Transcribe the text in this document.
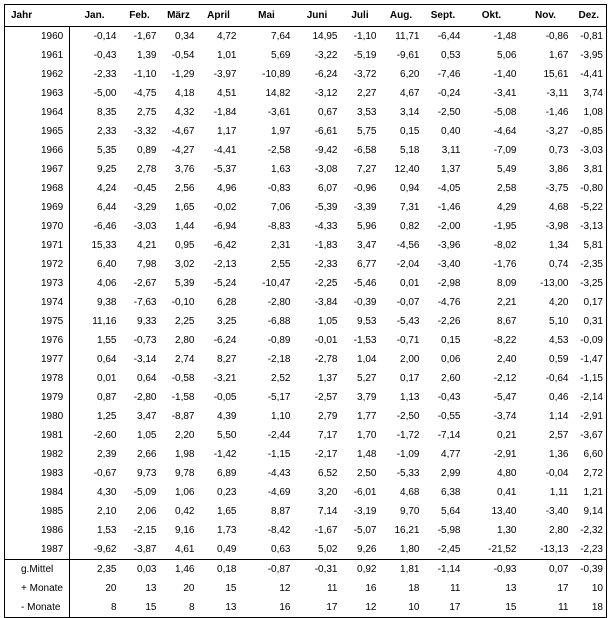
Jahr	Jan.	Feb.	März	April	Mai	Juni	Juli	Aug.	Sept.	Okt.	Nov.	Dez.
1960	-0,14	-1,67	0,34	4,72	7,64	14,95	-1,10	11,71	-6,44	-1,48	-0,86	-0,81
1961	-0,43	1,39	-0,54	1,01	5,69	-3,22	-5,19	-9,61	0,53	5,06	1,67	-3,95
1962	-2,33	-1,10	-1,29	-3,97	-10,89	-6,24	-3,72	6,20	-7,46	-1,40	15,61	-4,41
1963	-5,00	-4,75	4,18	4,51	14,82	-3,12	2,27	4,67	-0,24	-3,41	-3,11	3,74
1964	8,35	2,75	4,32	-1,84	-3,61	0,67	3,53	3,14	-2,50	-5,08	-1,46	1,08
1965	2,33	-3,32	-4,67	1,17	1,97	-6,61	5,75	0,15	0,40	-4,64	-3,27	-0,85
1966	5,35	0,89	-4,27	-4,41	-2,58	-9,42	-6,58	5,18	3,11	-7,09	0,73	-3,03
1967	9,25	2,78	3,76	-5,37	1,63	-3,08	7,27	12,40	1,37	5,49	3,86	3,81
1968	4,24	-0,45	2,56	4,96	-0,83	6,07	-0,96	0,94	-4,05	2,58	-3,75	-0,80
1969	6,44	-3,29	1,65	-0,02	7,06	-5,39	-3,39	7,31	-1,46	4,29	4,68	-5,22
1970	-6,46	-3,03	1,44	-6,94	-8,83	-4,33	5,96	0,82	-2,00	-1,95	-3,98	-3,13
1971	15,33	4,21	0,95	-6,42	2,31	-1,83	3,47	-4,56	-3,96	-8,02	1,34	5,81
1972	6,40	7,98	3,02	-2,13	2,55	-2,33	6,77	-2,04	-3,40	-1,76	0,74	-2,35
1973	4,06	-2,67	5,39	-5,24	-10,47	-2,25	-5,46	0,01	-2,98	8,09	-13,00	-3,25
1974	9,38	-7,63	-0,10	6,28	-2,80	-3,84	-0,39	-0,07	-4,76	2,21	4,20	0,17
1975	11,16	9,33	2,25	3,25	-6,88	1,05	9,53	-5,43	-2,26	8,67	5,10	0,31
1976	1,55	-0,73	2,80	-6,24	-0,89	-0,01	-1,53	-0,71	0,15	-8,22	4,53	-0,09
1977	0,64	-3,14	2,74	8,27	-2,18	-2,78	1,04	2,00	0,06	2,40	0,59	-1,47
1978	0,01	0,64	-0,58	-3,21	2,52	1,37	5,27	0,17	2,60	-2,12	-0,64	-1,15
1979	0,87	-2,80	-1,58	-0,05	-5,17	-2,57	3,79	1,13	-0,43	-5,47	0,46	-2,14
1980	1,25	3,47	-8,87	4,39	1,10	2,79	1,77	-2,50	-0,55	-3,74	1,14	-2,91
1981	-2,60	1,05	2,20	5,50	-2,44	7,17	1,70	-1,72	-7,14	0,21	2,57	-3,67
1982	2,39	2,66	1,98	-1,42	-1,15	-2,17	1,48	-1,09	4,77	-2,91	1,36	6,60
1983	-0,67	9,73	9,78	6,89	-4,43	6,52	2,50	-5,33	2,99	4,80	-0,04	2,72
1984	4,30	-5,09	1,06	0,23	-4,69	3,20	-6,01	4,68	6,38	0,41	1,11	1,21
1985	2,10	2,06	0,42	1,65	8,87	7,14	-3,19	9,70	5,64	13,40	-3,40	9,14
1986	1,53	-2,15	9,16	1,73	-8,42	-1,67	-5,07	16,21	-5,98	1,30	2,80	-2,32
1987	-9,62	-3,87	4,61	0,49	0,63	5,02	9,26	1,80	-2,45	-21,52	-13,13	-2,23
g.Mittel	2,35	0,03	1,46	0,18	-0,87	-0,31	0,92	1,81	-1,14	-0,93	0,07	-0,39
+ Monate	20	13	20	15	12	11	16	18	11	13	17	10
- Monate	8	15	8	13	16	17	12	10	17	15	11	18
